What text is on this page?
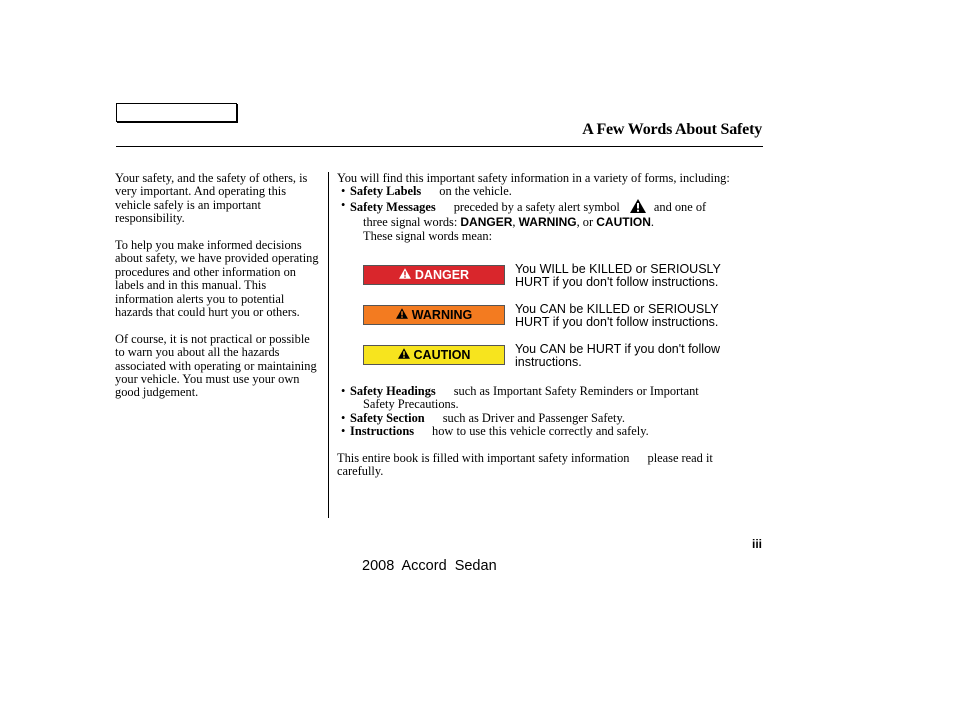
A Few Words About Safety

Your safety, and the safety of others, is very important. And operating this vehicle safely is an important responsibility.

To help you make informed decisions about safety, we have provided operating procedures and other information on labels and in this manual. This information alerts you to potential hazards that could hurt you or others.

Of course, it is not practical or possible to warn you about all the hazards associated with operating or maintaining your vehicle. You must use your own good judgement.

You will find this important safety information in a variety of forms, including:

• Safety Labels on the vehicle.
• Safety Messages preceded by a safety alert symbol	and one of
three signal words: DANGER, WARNING, or CAUTION.
These signal words mean:
DANGER	You WILL be KILLED or SERIOUSLY
HURT if you don't follow instructions.
WARNING	You CAN be KILLED or SERIOUSLY
HURT if you don't follow instructions.
CAUTION	You CAN be HURT if you don't follow
instructions.
• Safety Headings such as Important Safety Reminders or Important
Safety Precautions.
• Safety Section such as Driver and Passenger Safety.
• Instructions how to use this vehicle correctly and safely.

This entire book is filled with important safety information please read it
carefully.

iii
2008  Accord  Sedan
